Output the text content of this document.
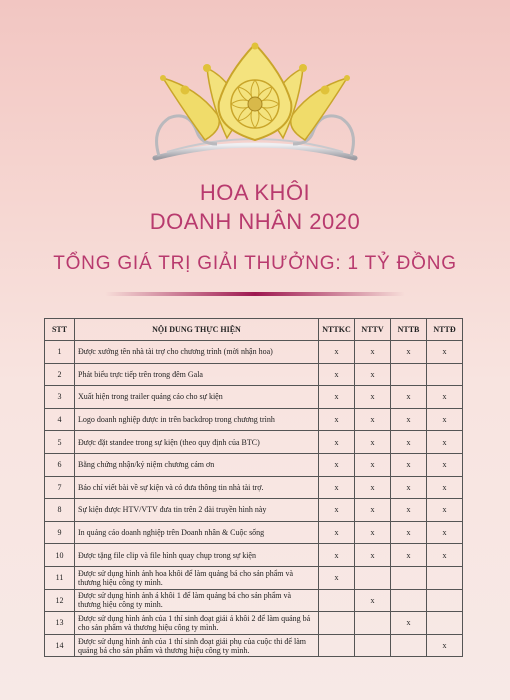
HOA KHÔI
DOANH NHÂN 2020
TỔNG GIÁ TRỊ GIẢI THƯỞNG: 1 TỶ ĐỒNG
STT	NỘI DUNG THỰC HIỆN	NTTKC	NTTV	NTTB	NTTĐ
1	Được xướng tên nhà tài trợ cho chương trình (mời nhận hoa)	x	x	x	x
2	Phát biểu trực tiếp trên trong đêm Gala	x	x		
3	Xuất hiện trong trailer quảng cáo cho sự kiện	x	x	x	x
4	Logo doanh nghiệp được in trên backdrop trong chương trình	x	x	x	x
5	Được đặt standee trong sự kiện (theo quy định của BTC)	x	x	x	x
6	Bằng chứng nhận/kỷ niệm chương cám ơn	x	x	x	x
7	Báo chí viết bài về sự kiện và có đưa thông tin nhà tài trợ.	x	x	x	x
8	Sự kiện được HTV/VTV đưa tin trên 2 đài truyền hình này	x	x	x	x
9	In quảng cáo doanh nghiệp trên Doanh nhân & Cuộc sống	x	x	x	x
10	Được tặng file clip và file hình quay chụp trong sự kiện	x	x	x	x
11	Được sử dụng hình ảnh hoa khôi để làm quảng bá cho sản phẩm và thương hiệu công ty mình.	x			
12	Được sử dụng hình ảnh á khôi 1 để làm quảng bá cho sản phẩm và thương hiệu công ty mình.		x		
13	Được sử dụng hình ảnh của 1 thí sinh đoạt giải á khôi 2 để làm quảng bá cho sản phẩm và thương hiệu công ty mình.			x	
14	Được sử dụng hình ảnh của 1 thí sinh đoạt giải phụ của cuộc thi để làm quảng bá cho sản phẩm và thương hiệu công ty mình.				x
